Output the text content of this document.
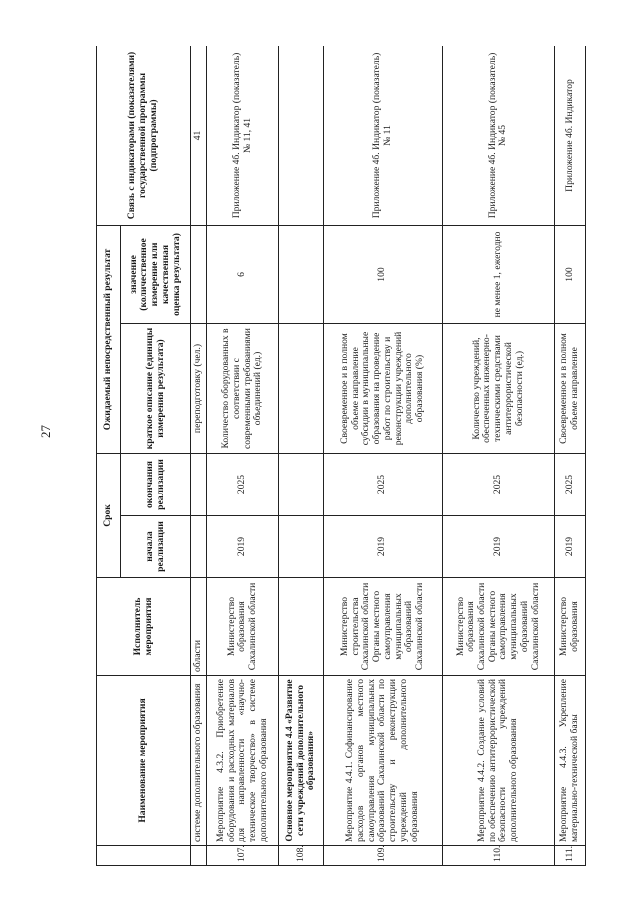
27
	Наименование мероприятия	Исполнитель мероприятия	Срок		Ожидаемый непосредственный результат		Связь с индикаторами (показателями) государственной программы (подпрограммы)
			начала реализации	окончания реализации	краткое описание (единицы измерения результата)	значение (количественное измерение или качественная оценка результата)	
	системе дополнительного образования	области			переподготовку (чел.)		41
107.	Мероприятие 4.3.2. Приобретение оборудования и расходных материалов для направленности «научно-техническое творчество» в системе дополнительного образования	Министерство образования Сахалинской области	2019	2025	Количество оборудованных в соответствии с современными требованиями объединений (ед.)	6	Приложение 4б. Индикатор (показатель) № 11, 41
108.	Основное мероприятие 4.4 «Развитие сети учреждений дополнительного образования»						
109.	Мероприятие 4.4.1. Софинансирование расходов органов местного самоуправления муниципальных образований Сахалинской области по строительству и реконструкции учреждений дополнительного образования	Министерство строительства Сахалинской области Органы местного самоуправления муниципальных образований Сахалинской области	2019	2025	Своевременное и в полном объеме направление субсидии в муниципальные образования на проведение работ по строительству и реконструкции учреждений дополнительного образования (%)	100	Приложение 4б. Индикатор (показатель) № 11
110.	Мероприятие 4.4.2. Создание условий по обеспечению антитеррористической безопасности учреждений дополнительного образования	Министерство образования Сахалинской области Органы местного самоуправления муниципальных образований Сахалинской области	2019	2025	Количество учреждений, обеспеченных инженерно-техническими средствами антитеррористической безопасности (ед.)	не менее 1, ежегодно	Приложение 4б. Индикатор (показатель) № 45
111.	Мероприятие 4.4.3. Укрепление материально-технической базы	Министерство образования	2019	2025	Своевременное и в полном объеме направление	100	Приложение 4б. Индикатор
